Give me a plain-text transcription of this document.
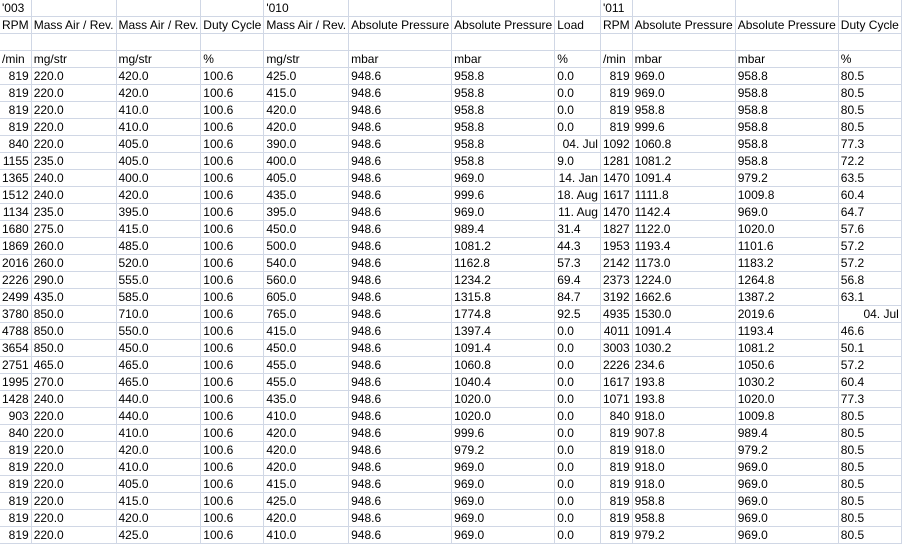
'003				'010				'011			
RPM	Mass Air / Rev.	Mass Air / Rev.	Duty Cycle	Mass Air / Rev.	Absolute Pressure	Absolute Pressure	Load	RPM	Absolute Pressure	Absolute Pressure	Duty Cycle

/min	mg/str	mg/str	%	mg/str	mbar	mbar	%	/min	mbar	mbar	%
819	220.0	420.0	100.6	425.0	948.6	958.8	0.0	819	969.0	958.8	80.5
819	220.0	420.0	100.6	415.0	948.6	958.8	0.0	819	969.0	958.8	80.5
819	220.0	410.0	100.6	420.0	948.6	958.8	0.0	819	958.8	958.8	80.5
819	220.0	410.0	100.6	420.0	948.6	958.8	0.0	819	999.6	958.8	80.5
840	220.0	405.0	100.6	390.0	948.6	958.8	04. Jul	1092	1060.8	958.8	77.3
1155	235.0	405.0	100.6	400.0	948.6	958.8	9.0	1281	1081.2	958.8	72.2
1365	240.0	400.0	100.6	405.0	948.6	969.0	14. Jan	1470	1091.4	979.2	63.5
1512	240.0	420.0	100.6	435.0	948.6	999.6	18. Aug	1617	1111.8	1009.8	60.4
1134	235.0	395.0	100.6	395.0	948.6	969.0	11. Aug	1470	1142.4	969.0	64.7
1680	275.0	415.0	100.6	450.0	948.6	989.4	31.4	1827	1122.0	1020.0	57.6
1869	260.0	485.0	100.6	500.0	948.6	1081.2	44.3	1953	1193.4	1101.6	57.2
2016	260.0	520.0	100.6	540.0	948.6	1162.8	57.3	2142	1173.0	1183.2	57.2
2226	290.0	555.0	100.6	560.0	948.6	1234.2	69.4	2373	1224.0	1264.8	56.8
2499	435.0	585.0	100.6	605.0	948.6	1315.8	84.7	3192	1662.6	1387.2	63.1
3780	850.0	710.0	100.6	765.0	948.6	1774.8	92.5	4935	1530.0	2019.6	04. Jul
4788	850.0	550.0	100.6	415.0	948.6	1397.4	0.0	4011	1091.4	1193.4	46.6
3654	850.0	450.0	100.6	450.0	948.6	1091.4	0.0	3003	1030.2	1081.2	50.1
2751	465.0	465.0	100.6	455.0	948.6	1060.8	0.0	2226	234.6	1050.6	57.2
1995	270.0	465.0	100.6	455.0	948.6	1040.4	0.0	1617	193.8	1030.2	60.4
1428	240.0	440.0	100.6	435.0	948.6	1020.0	0.0	1071	193.8	1020.0	77.3
903	220.0	440.0	100.6	410.0	948.6	1020.0	0.0	840	918.0	1009.8	80.5
840	220.0	410.0	100.6	420.0	948.6	999.6	0.0	819	907.8	989.4	80.5
819	220.0	420.0	100.6	420.0	948.6	979.2	0.0	819	918.0	979.2	80.5
819	220.0	410.0	100.6	420.0	948.6	969.0	0.0	819	918.0	969.0	80.5
819	220.0	405.0	100.6	415.0	948.6	969.0	0.0	819	918.0	969.0	80.5
819	220.0	415.0	100.6	425.0	948.6	969.0	0.0	819	958.8	969.0	80.5
819	220.0	420.0	100.6	420.0	948.6	969.0	0.0	819	958.8	969.0	80.5
819	220.0	425.0	100.6	410.0	948.6	969.0	0.0	819	979.2	969.0	80.5
